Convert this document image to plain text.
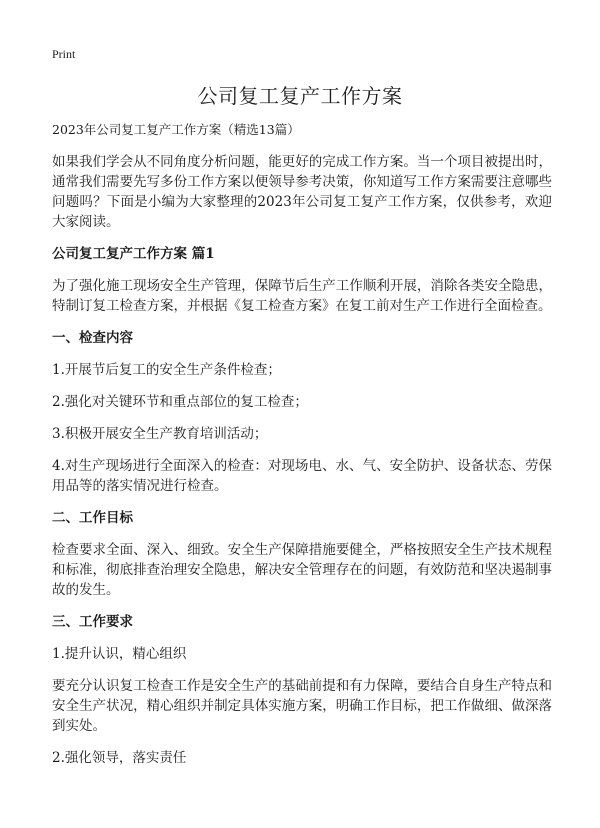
Print
公司复工复产工作方案

2023年公司复工复产工作方案（精选13篇）

如果我们学会从不同角度分析问题，能更好的完成工作方案。当一个项目被提出时，通常我们需要先写多份工作方案以便领导参考决策，你知道写工作方案需要注意哪些问题吗？下面是小编为大家整理的2023年公司复工复产工作方案，仅供参考，欢迎大家阅读。

公司复工复产工作方案 篇1

为了强化施工现场安全生产管理，保障节后生产工作顺利开展，消除各类安全隐患，特制订复工检查方案，并根据《复工检查方案》在复工前对生产工作进行全面检查。

一、检查内容

1.开展节后复工的安全生产条件检查；

2.强化对关键环节和重点部位的复工检查；

3.积极开展安全生产教育培训活动；

4.对生产现场进行全面深入的检查：对现场电、水、气、安全防护、设备状态、劳保用品等的落实情况进行检查。

二、工作目标

检查要求全面、深入、细致。安全生产保障措施要健全，严格按照安全生产技术规程和标准，彻底排查治理安全隐患，解决安全管理存在的问题，有效防范和坚决遏制事故的发生。

三、工作要求

1.提升认识，精心组织

要充分认识复工检查工作是安全生产的基础前提和有力保障，要结合自身生产特点和安全生产状况，精心组织并制定具体实施方案，明确工作目标，把工作做细、做深落到实处。

2.强化领导，落实责任
